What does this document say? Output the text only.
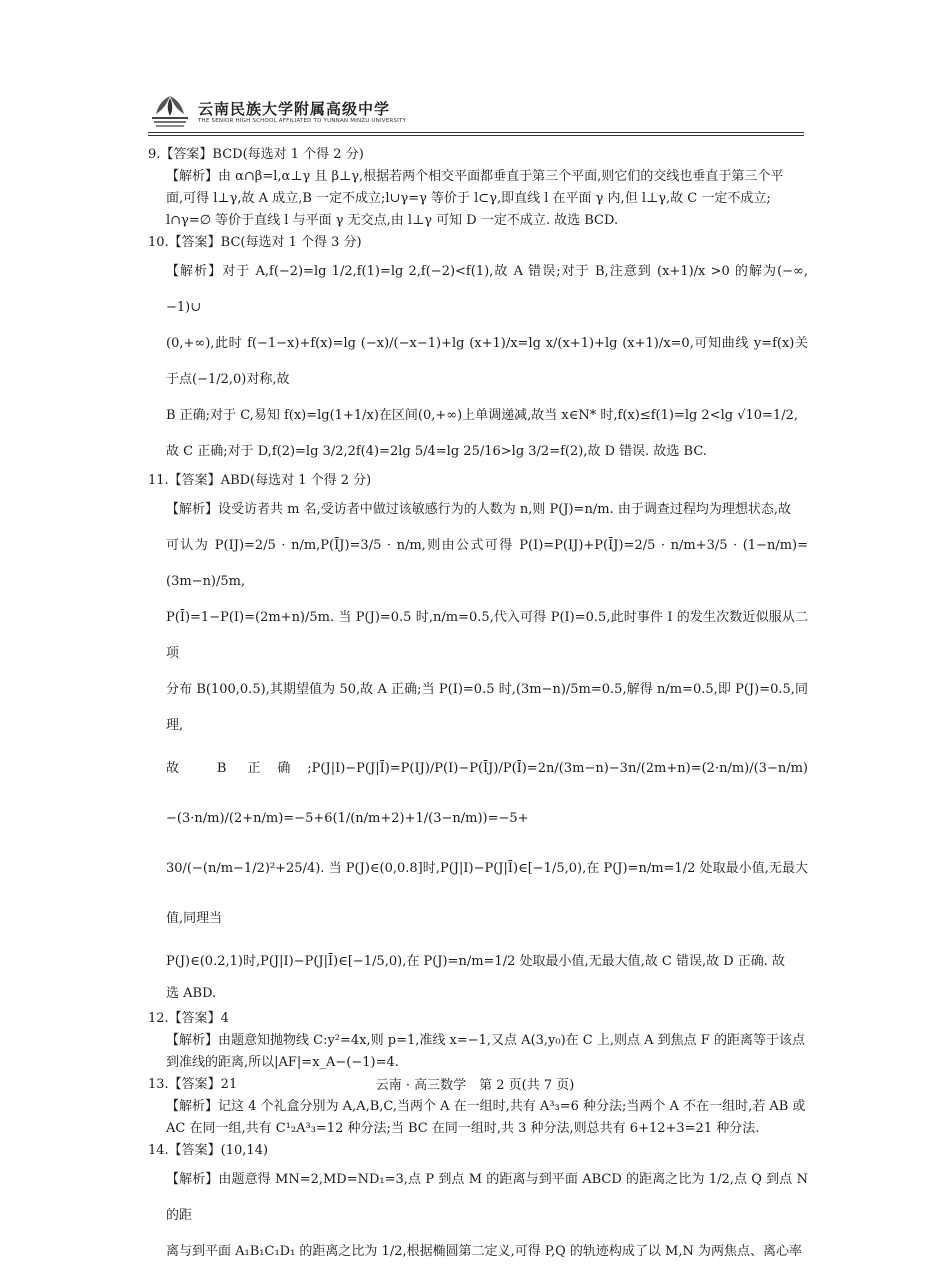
云南民族大学附属高级中学
THE SENIOR HIGH SCHOOL AFFILIATED TO YUNNAN MINZU UNIVERSITY

9.【答案】BCD(每选对 1 个得 2 分)

【解析】由 α∩β=l,α⊥γ 且 β⊥γ,根据若两个相交平面都垂直于第三个平面,则它们的交线也垂直于第三个平

面,可得 l⊥γ,故 A 成立,B 一定不成立;l∪γ=γ 等价于 l⊂γ,即直线 l 在平面 γ 内,但 l⊥γ,故 C 一定不成立;

l∩γ=∅ 等价于直线 l 与平面 γ 无交点,由 l⊥γ 可知 D 一定不成立. 故选 BCD.

10.【答案】BC(每选对 1 个得 3 分)

【解析】对于 A,f(−2)=lg 1/2,f(1)=lg 2,f(−2)<f(1),故 A 错误;对于 B,注意到 (x+1)/x >0 的解为(−∞,−1)∪

(0,+∞),此时 f(−1−x)+f(x)=lg (−x)/(−x−1)+lg (x+1)/x=lg x/(x+1)+lg (x+1)/x=0,可知曲线 y=f(x)关于点(−1/2,0)对称,故

B 正确;对于 C,易知 f(x)=lg(1+1/x)在区间(0,+∞)上单调递减,故当 x∈N* 时,f(x)≤f(1)=lg 2<lg √10=1/2,

故 C 正确;对于 D,f(2)=lg 3/2,2f(4)=2lg 5/4=lg 25/16>lg 3/2=f(2),故 D 错误. 故选 BC.

11.【答案】ABD(每选对 1 个得 2 分)

【解析】设受访者共 m 名,受访者中做过该敏感行为的人数为 n,则 P(J)=n/m. 由于调查过程均为理想状态,故

可认为 P(IJ)=2/5 · n/m,P(ĪJ)=3/5 · n/m,则由公式可得 P(I)=P(IJ)+P(ĪJ)=2/5 · n/m+3/5 · (1−n/m)=(3m−n)/5m,

P(Ī)=1−P(I)=(2m+n)/5m. 当 P(J)=0.5 时,n/m=0.5,代入可得 P(I)=0.5,此时事件 I 的发生次数近似服从二项

分布 B(100,0.5),其期望值为 50,故 A 正确;当 P(I)=0.5 时,(3m−n)/5m=0.5,解得 n/m=0.5,即 P(J)=0.5,同理,

故 B 正确;P(J|I)−P(J|Ī)=P(IJ)/P(I)−P(ĪJ)/P(Ī)=2n/(3m−n)−3n/(2m+n)=(2·n/m)/(3−n/m)−(3·n/m)/(2+n/m)=−5+6(1/(n/m+2)+1/(3−n/m))=−5+

30/(−(n/m−1/2)²+25/4). 当 P(J)∈(0,0.8]时,P(J|I)−P(J|Ī)∈[−1/5,0),在 P(J)=n/m=1/2 处取最小值,无最大值,同理当

P(J)∈(0.2,1)时,P(J|I)−P(J|Ī)∈[−1/5,0),在 P(J)=n/m=1/2 处取最小值,无最大值,故 C 错误,故 D 正确. 故

选 ABD.

12.【答案】4

【解析】由题意知抛物线 C:y²=4x,则 p=1,准线 x=−1,又点 A(3,y₀)在 C 上,则点 A 到焦点 F 的距离等于该点

到准线的距离,所以|AF|=x_A−(−1)=4.

13.【答案】21

【解析】记这 4 个礼盒分别为 A,A,B,C,当两个 A 在一组时,共有 A³₃=6 种分法;当两个 A 不在一组时,若 AB 或

AC 在同一组,共有 C¹₂A³₃=12 种分法;当 BC 在同一组时,共 3 种分法,则总共有 6+12+3=21 种分法.

14.【答案】(10,14)

【解析】由题意得 MN=2,MD=ND₁=3,点 P 到点 M 的距离与到平面 ABCD 的距离之比为 1/2,点 Q 到点 N 的距

离与到平面 A₁B₁C₁D₁ 的距离之比为 1/2,根据椭圆第二定义,可得 P,Q 的轨迹构成了以 M,N 为两焦点、离心率

云南 · 高三数学　第 2 页(共 7 页)
